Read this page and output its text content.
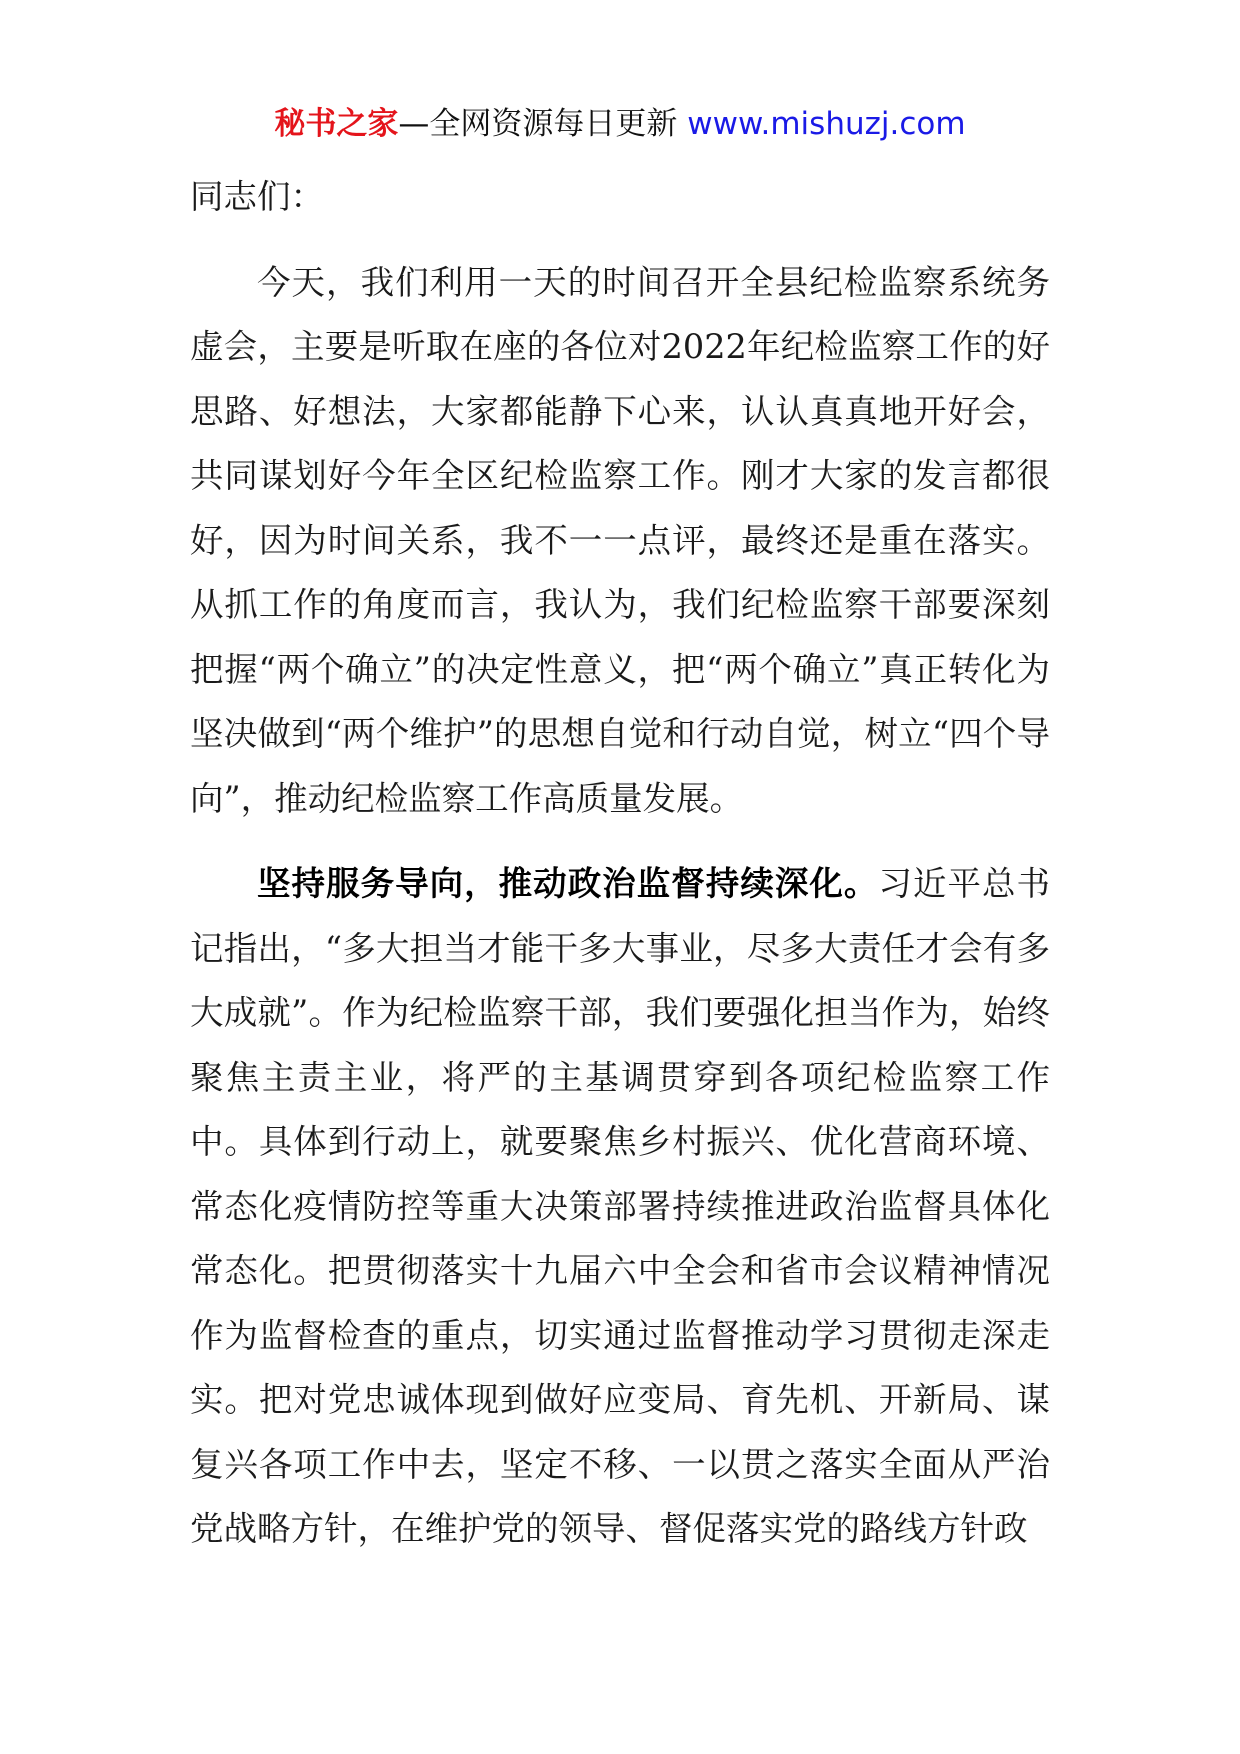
秘书之家—全网资源每日更新 www.mishuzj.com

同志们：

今天，我们利用一天的时间召开全县纪检监察系统务虚会，主要是听取在座的各位对2022年纪检监察工作的好思路、好想法，大家都能静下心来，认认真真地开好会，共同谋划好今年全区纪检监察工作。刚才大家的发言都很好，因为时间关系，我不一一点评，最终还是重在落实。从抓工作的角度而言，我认为，我们纪检监察干部要深刻把握“两个确立”的决定性意义，把“两个确立”真正转化为坚决做到“两个维护”的思想自觉和行动自觉，树立“四个导向”，推动纪检监察工作高质量发展。

坚持服务导向，推动政治监督持续深化。习近平总书记指出，“多大担当才能干多大事业，尽多大责任才会有多大成就”。作为纪检监察干部，我们要强化担当作为，始终聚焦主责主业，将严的主基调贯穿到各项纪检监察工作中。具体到行动上，就要聚焦乡村振兴、优化营商环境、常态化疫情防控等重大决策部署持续推进政治监督具体化常态化。把贯彻落实十九届六中全会和省市会议精神情况作为监督检查的重点，切实通过监督推动学习贯彻走深走实。把对党忠诚体现到做好应变局、育先机、开新局、谋复兴各项工作中去，坚定不移、一以贯之落实全面从严治党战略方针，在维护党的领导、督促落实党的路线方针政
